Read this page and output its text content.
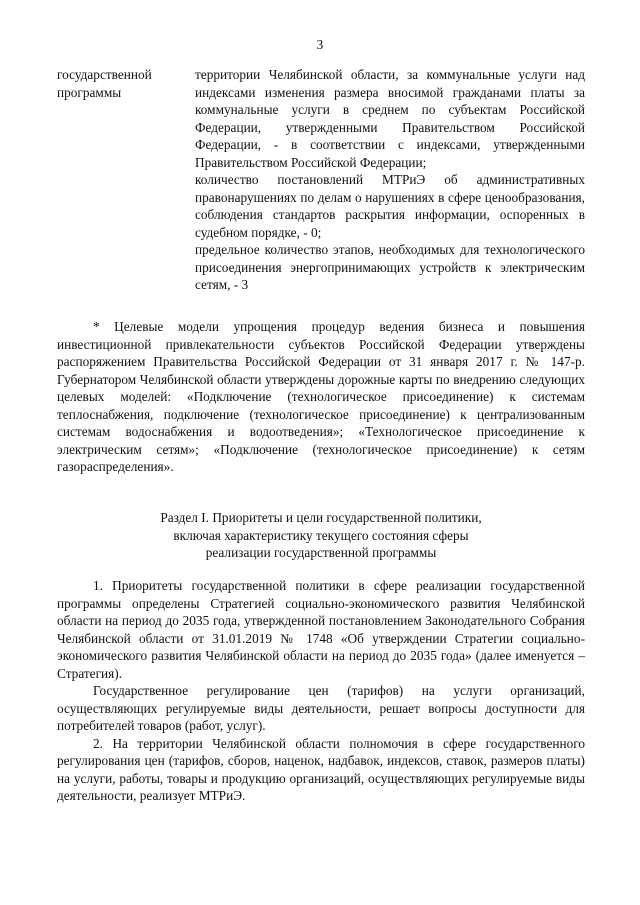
3
государственной программы

территории Челябинской области, за коммунальные услуги над индексами изменения размера вносимой гражданами платы за коммунальные услуги в среднем по субъектам Российской Федерации, утвержденными Правительством Российской Федерации, - в соответствии с индексами, утвержденными Правительством Российской Федерации;

количество постановлений МТРиЭ об административных правонарушениях по делам о нарушениях в сфере ценообразования, соблюдения стандартов раскрытия информации, оспоренных в судебном порядке, - 0;

предельное количество этапов, необходимых для технологического присоединения энергопринимающих устройств к электрическим сетям, - 3

* Целевые модели упрощения процедур ведения бизнеса и повышения инвестиционной привлекательности субъектов Российской Федерации утверждены распоряжением Правительства Российской Федерации от 31 января 2017 г. № 147-р. Губернатором Челябинской области утверждены дорожные карты по внедрению следующих целевых моделей: «Подключение (технологическое присоединение) к системам теплоснабжения, подключение (технологическое присоединение) к централизованным системам водоснабжения и водоотведения»; «Технологическое присоединение к электрическим сетям»; «Подключение (технологическое присоединение) к сетям газораспределения».

Раздел I. Приоритеты и цели государственной политики,
включая характеристику текущего состояния сферы
реализации государственной программы

1. Приоритеты государственной политики в сфере реализации государственной программы определены Стратегией социально-экономического развития Челябинской области на период до 2035 года, утвержденной постановлением Законодательного Собрания Челябинской области от 31.01.2019 № 1748 «Об утверждении Стратегии социально-экономического развития Челябинской области на период до 2035 года» (далее именуется – Стратегия).

Государственное регулирование цен (тарифов) на услуги организаций, осуществляющих регулируемые виды деятельности, решает вопросы доступности для потребителей товаров (работ, услуг).

2. На территории Челябинской области полномочия в сфере государственного регулирования цен (тарифов, сборов, наценок, надбавок, индексов, ставок, размеров платы) на услуги, работы, товары и продукцию организаций, осуществляющих регулируемые виды деятельности, реализует МТРиЭ.
